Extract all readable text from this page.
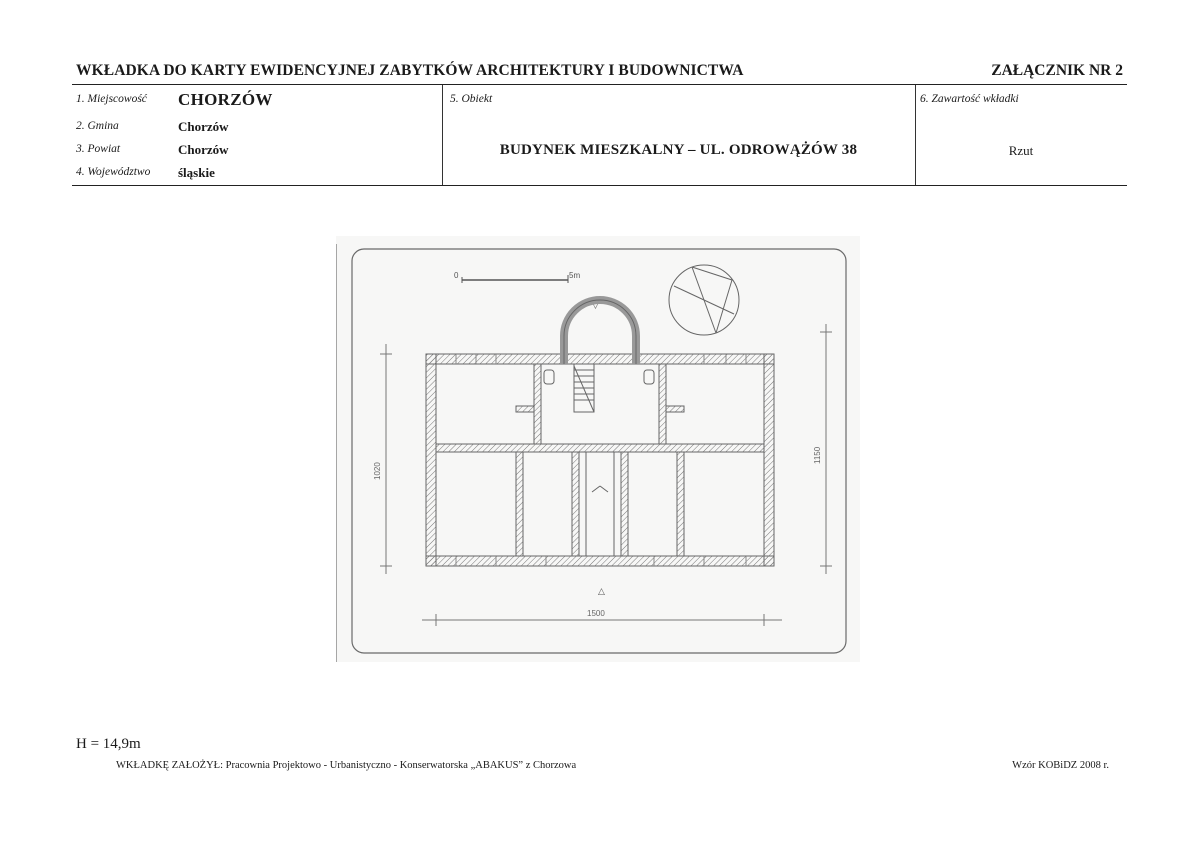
WKŁADKA DO KARTY EWIDENCYJNEJ ZABYTKÓW ARCHITEKTURY I BUDOWNICTWA	ZAŁĄCZNIK NR 2
1. Miejscowość CHORZÓW
2. Gmina	Chorzów
3. Powiat	Chorzów
4. Województwo śląskie
5. Obiekt
BUDYNEK MIESZKALNY – UL. ODROWĄŻÓW 38
6. Zawartość wkładki
Rzut
0	5m
▽
△
1020
1150
1500
H = 14,9m
WKŁADKĘ ZAŁOŻYŁ: Pracownia Projektowo - Urbanistyczno - Konserwatorska „ABAKUS” z Chorzowa	Wzór KOBiDZ 2008 r.
